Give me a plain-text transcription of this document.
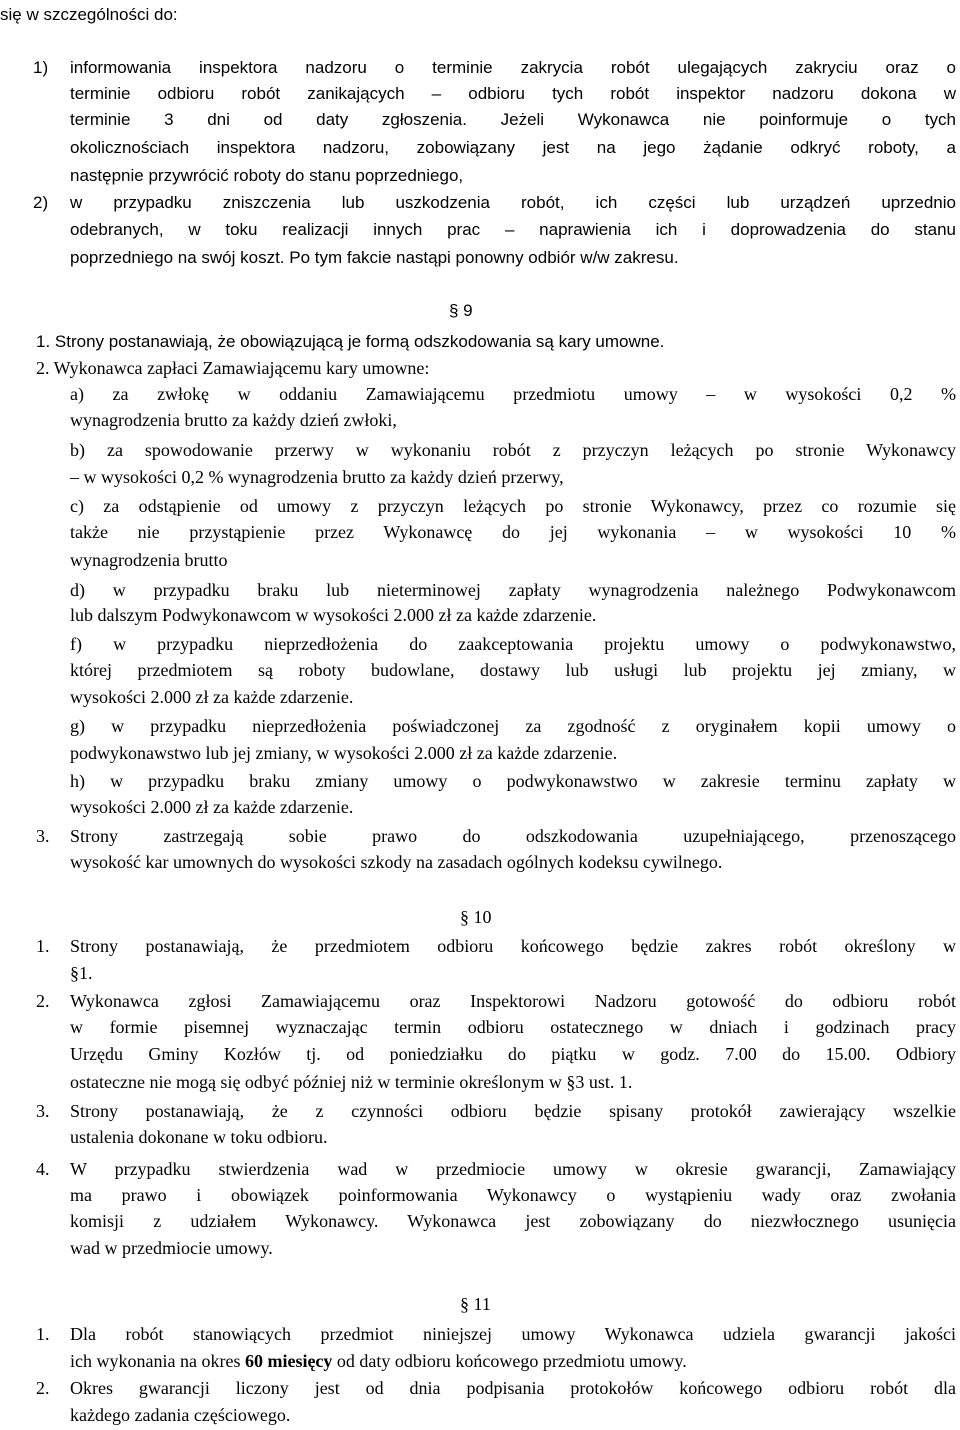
się w szczególności do:
1) informowania inspektora nadzoru o terminie zakrycia robót ulegających zakryciu oraz o
terminie odbioru robót zanikających – odbioru tych robót inspektor nadzoru dokona w
terminie 3 dni od daty zgłoszenia. Jeżeli Wykonawca nie poinformuje o tych
okolicznościach inspektora nadzoru, zobowiązany jest na jego żądanie odkryć roboty, a
następnie przywrócić roboty do stanu poprzedniego,
2) w przypadku zniszczenia lub uszkodzenia robót, ich części lub urządzeń uprzednio
odebranych, w toku realizacji innych prac – naprawienia ich i doprowadzenia do stanu
poprzedniego na swój koszt. Po tym fakcie nastąpi ponowny odbiór w/w zakresu.
§ 9
1. Strony postanawiają, że obowiązującą je formą odszkodowania są kary umowne.
2. Wykonawca zapłaci Zamawiającemu kary umowne:
a) za zwłokę w oddaniu Zamawiającemu przedmiotu umowy – w wysokości 0,2 %
wynagrodzenia brutto za każdy dzień zwłoki,
b) za spowodowanie przerwy w wykonaniu robót z przyczyn leżących po stronie Wykonawcy
– w wysokości 0,2 % wynagrodzenia brutto za każdy dzień przerwy,
c) za odstąpienie od umowy z przyczyn leżących po stronie Wykonawcy, przez co rozumie się
także nie przystąpienie przez Wykonawcę do jej wykonania – w wysokości 10 %
wynagrodzenia brutto
d) w przypadku braku lub nieterminowej zapłaty wynagrodzenia należnego Podwykonawcom
lub dalszym Podwykonawcom w wysokości 2.000 zł za każde zdarzenie.
f) w przypadku nieprzedłożenia do zaakceptowania projektu umowy o podwykonawstwo,
której przedmiotem są roboty budowlane, dostawy lub usługi lub projektu jej zmiany, w
wysokości 2.000 zł za każde zdarzenie.
g) w przypadku nieprzedłożenia poświadczonej za zgodność z oryginałem kopii umowy o
podwykonawstwo lub jej zmiany, w wysokości 2.000 zł za każde zdarzenie.
h) w przypadku braku zmiany umowy o podwykonawstwo w zakresie terminu zapłaty w
wysokości 2.000 zł za każde zdarzenie.
3. Strony zastrzegają sobie prawo do odszkodowania uzupełniającego, przenoszącego
wysokość kar umownych do wysokości szkody na zasadach ogólnych kodeksu cywilnego.
§ 10
1. Strony postanawiają, że przedmiotem odbioru końcowego będzie zakres robót określony w
§1.
2. Wykonawca zgłosi Zamawiającemu oraz Inspektorowi Nadzoru gotowość do odbioru robót
w formie pisemnej wyznaczając termin odbioru ostatecznego w dniach i godzinach pracy
Urzędu Gminy Kozłów tj. od poniedziałku do piątku w godz. 7.00 do 15.00. Odbiory
ostateczne nie mogą się odbyć później niż w terminie określonym w §3 ust. 1.
3. Strony postanawiają, że z czynności odbioru będzie spisany protokół zawierający wszelkie
ustalenia dokonane w toku odbioru.
4. W przypadku stwierdzenia wad w przedmiocie umowy w okresie gwarancji, Zamawiający
ma prawo i obowiązek poinformowania Wykonawcy o wystąpieniu wady oraz zwołania
komisji z udziałem Wykonawcy. Wykonawca jest zobowiązany do niezwłocznego usunięcia
wad w przedmiocie umowy.
§ 11
1. Dla robót stanowiących przedmiot niniejszej umowy Wykonawca udziela gwarancji jakości
ich wykonania na okres 60 miesięcy od daty odbioru końcowego przedmiotu umowy.
2. Okres gwarancji liczony jest od dnia podpisania protokołów końcowego odbioru robót dla
każdego zadania częściowego.
